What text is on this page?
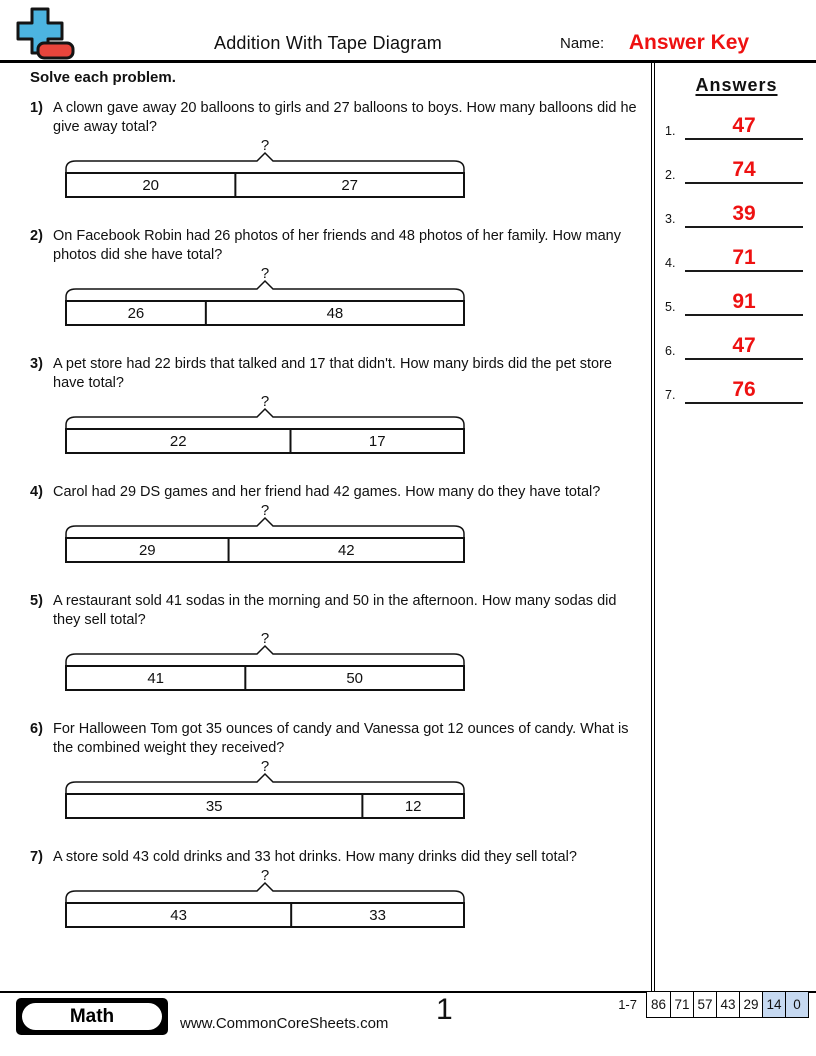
Addition With Tape Diagram	Name:	Answer Key
Solve each problem.
1) A clown gave away 20 balloons to girls and 27 balloons to boys. How many balloons did he give away total?
?
20	27
2) On Facebook Robin had 26 photos of her friends and 48 photos of her family. How many photos did she have total?
?
26	48
3) A pet store had 22 birds that talked and 17 that didn't. How many birds did the pet store have total?
?
22	17
4) Carol had 29 DS games and her friend had 42 games. How many do they have total?
?
29	42
5) A restaurant sold 41 sodas in the morning and 50 in the afternoon. How many sodas did they sell total?
?
41	50
6) For Halloween Tom got 35 ounces of candy and Vanessa got 12 ounces of candy. What is the combined weight they received?
?
35	12
7) A store sold 43 cold drinks and 33 hot drinks. How many drinks did they sell total?
?
43	33
Answers
1.	47
2.	74
3.	39
4.	71
5.	91
6.	47
7.	76
Math	www.CommonCoreSheets.com 1	1-7 86 71 57 43 29 14 0
